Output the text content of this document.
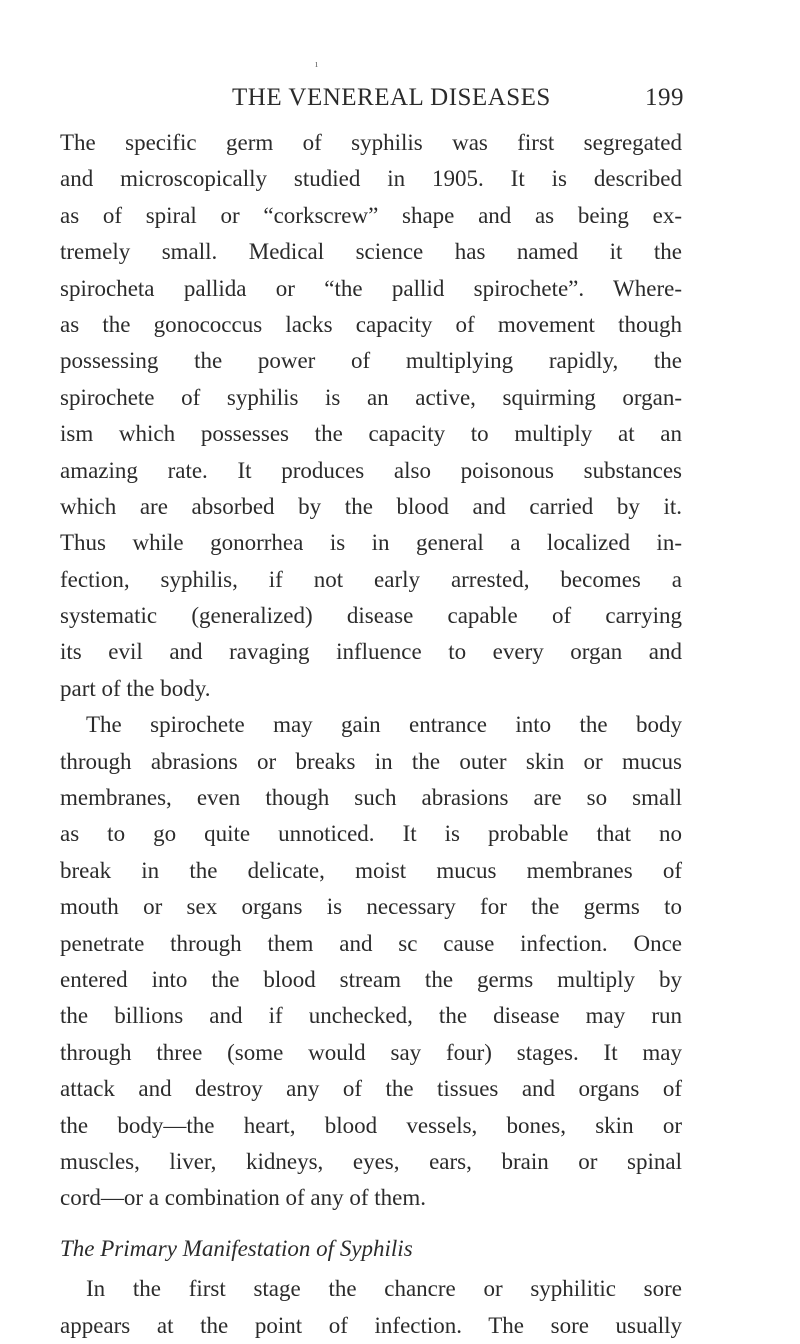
ı
THE VENEREAL DISEASES	199
The specific germ of syphilis was first segregated
and microscopically studied in 1905. It is described
as of spiral or “corkscrew” shape and as being ex-
tremely small. Medical science has named it the
spirocheta pallida or “the pallid spirochete”. Where-
as the gonococcus lacks capacity of movement though
possessing the power of multiplying rapidly, the
spirochete of syphilis is an active, squirming organ-
ism which possesses the capacity to multiply at an
amazing rate. It produces also poisonous substances
which are absorbed by the blood and carried by it.
Thus while gonorrhea is in general a localized in-
fection, syphilis, if not early arrested, becomes a
systematic (generalized) disease capable of carrying
its evil and ravaging influence to every organ and
part of the body.
The spirochete may gain entrance into the body
through abrasions or breaks in the outer skin or mucus
membranes, even though such abrasions are so small
as to go quite unnoticed. It is probable that no
break in the delicate, moist mucus membranes of
mouth or sex organs is necessary for the germs to
penetrate through them and sc cause infection. Once
entered into the blood stream the germs multiply by
the billions and if unchecked, the disease may run
through three (some would say four) stages. It may
attack and destroy any of the tissues and organs of
the body—the heart, blood vessels, bones, skin or
muscles, liver, kidneys, eyes, ears, brain or spinal
cord—or a combination of any of them.
The Primary Manifestation of Syphilis
In the first stage the chancre or syphilitic sore
appears at the point of infection. The sore usually
